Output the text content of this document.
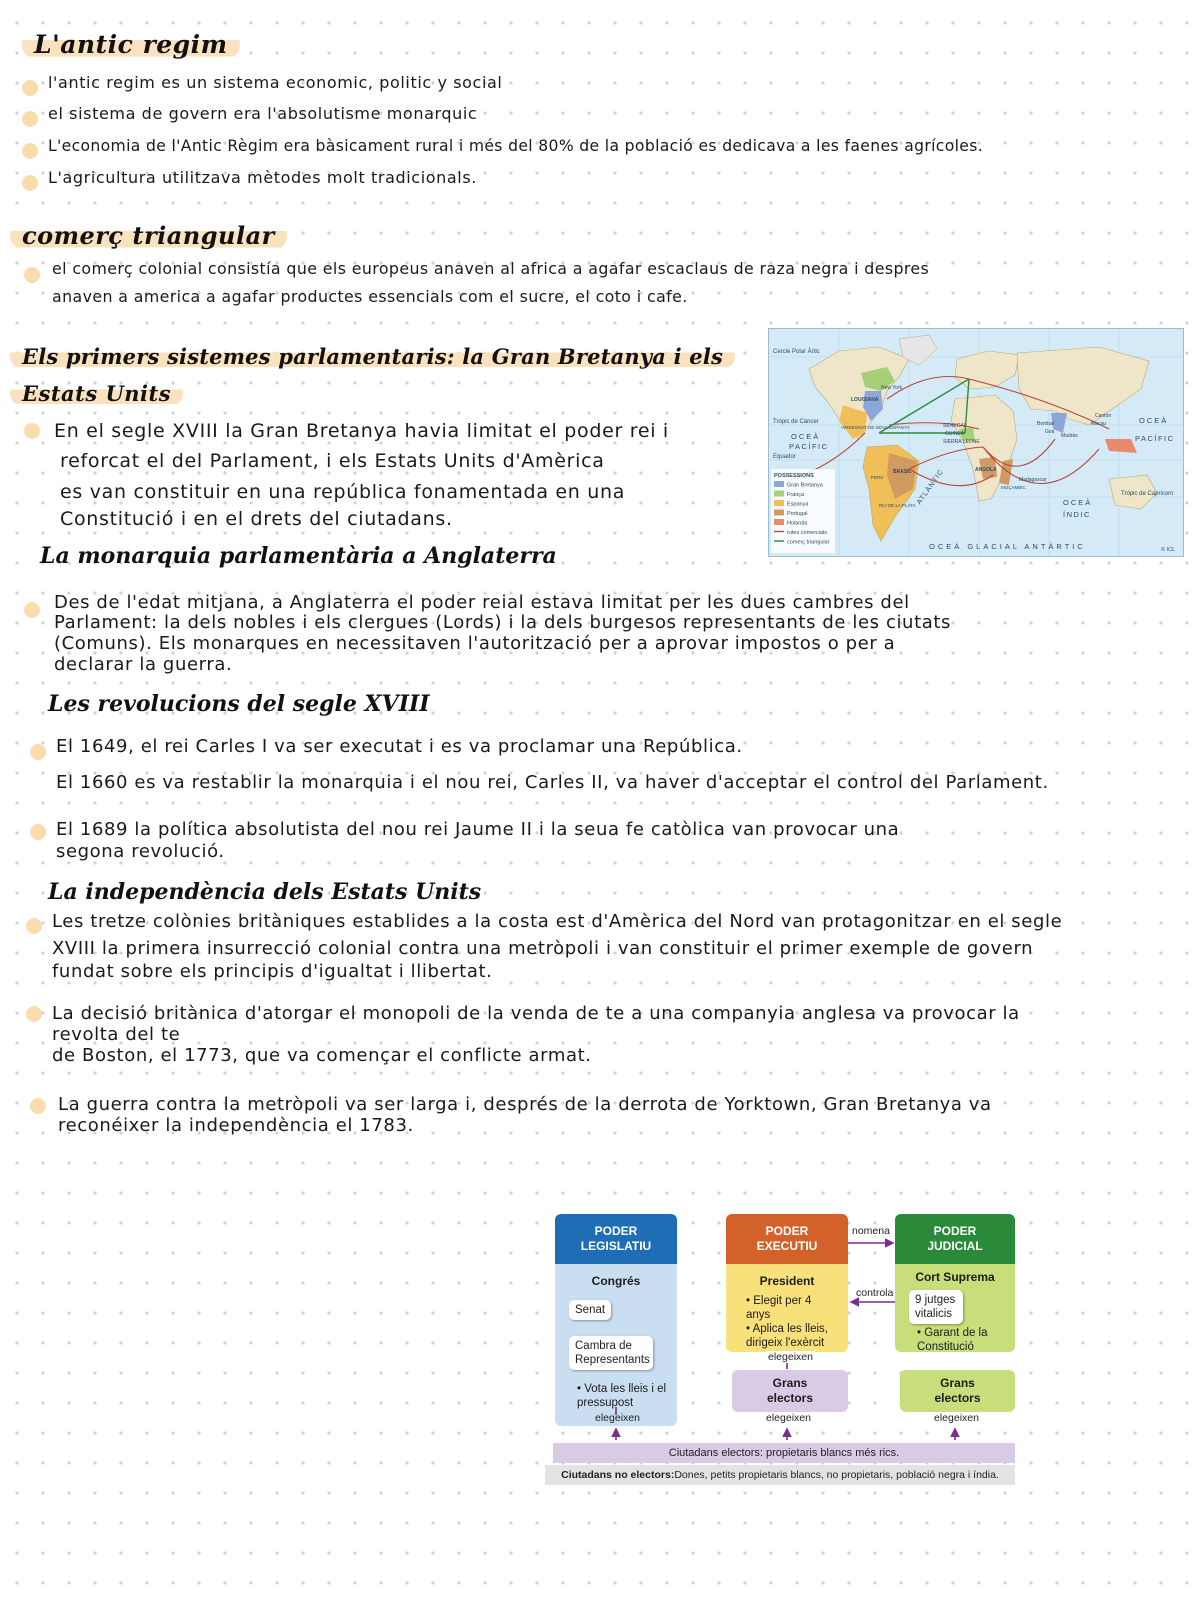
L'antic regim

l'antic regim es un sistema economic, politic y social

el sistema de govern era l'absolutisme monarquic

L'economia de l'Antic Règim era bàsicament rural i més del 80% de la població es dedicava a les faenes agrícoles.

L'agricultura utilitzava mètodes molt tradicionals.

comerç triangular

el comerç colonial consistía que els europeus anaven al africa a agafar escaclaus de raza negra i despres

anaven a america a agafar productes essencials com el sucre, el coto i cafe.

Els primers sistemes parlamentaris: la Gran Bretanya i els
Estats Units

En el segle XVIII la Gran Bretanya havia limitat el poder rei i

reforcat el del Parlament, i els Estats Units d'Amèrica

es van constituir en una república fonamentada en una

Constitució i en el drets del ciutadans.

Cercle Polar Àrtic
Trópic de Càncer
Equador
Trópic de Capricorn
OCEÀ
PACÍFIC
OCEÀ
PACÍFIC
OCEÀ
ÍNDIC
ATLÀNTIC
OCEÀ GLACIAL ANTÀRTIC	© ICL
LOUISIANA
New York
VIRREGNAT DE NOVA ESPANYA
BRASIL
PERÚ
RIU DE LA PLATA
SENEGAL
GUINEA
SIERRA LEONE
ANGOLA
MOÇAMBIC
Madagascar
Bombai
Goa
Madràs
Cantón
Macau
POSSESSIONS
Gran Bretanya
França
Espanya
Portugal
Holanda
rutes comercials
comerç triangular
La monarquia parlamentària a Anglaterra

Des de l'edat mitjana, a Anglaterra el poder reial estava limitat per les dues cambres del

Parlament: la dels nobles i els clergues (Lords) i la dels burgesos representants de les ciutats

(Comuns). Els monarques en necessitaven l'autorització per a aprovar impostos o per a

declarar la guerra.

Les revolucions del segle XVIII

El 1649, el rei Carles I va ser executat i es va proclamar una República.

El 1660 es va restablir la monarquia i el nou rei, Carles II, va haver d'acceptar el control del Parlament.

El 1689 la política absolutista del nou rei Jaume II i la seua fe catòlica van provocar una

segona revolució.

La independència dels Estats Units

Les tretze colònies britàniques establides a la costa est d'Amèrica del Nord van protagonitzar en el segle

XVIII la primera insurrecció colonial contra una metròpoli i van constituir el primer exemple de govern

fundat sobre els principis d'igualtat i llibertat.

La decisió britànica d'atorgar el monopoli de la venda de te a una companyia anglesa va provocar la

revolta del te

de Boston, el 1773, que va començar el conflicte armat.

La guerra contra la metròpoli va ser larga i, després de la derrota de Yorktown, Gran Bretanya va

reconéixer la independència el 1783.

PODER LEGISLATIU
Congrés
Senat
Cambra de Representants
• Vota les lleis i el pressupost
PODER EXECUTIU
President
• Elegit per 4 anys
• Aplica les lleis, dirigeix l'exèrcit
PODER JUDICIAL
Cort Suprema
9 jutges vitalicis
• Garant de la Constitució
nomena
controla
elegeixen
Grans electors
Grans electors
elegeixen	elegeixen	elegeixen
Ciutadans electors: propietaris blancs més rics.
Ciutadans no electors: Dones, petits propietaris blancs, no propietaris, població negra i índia.
